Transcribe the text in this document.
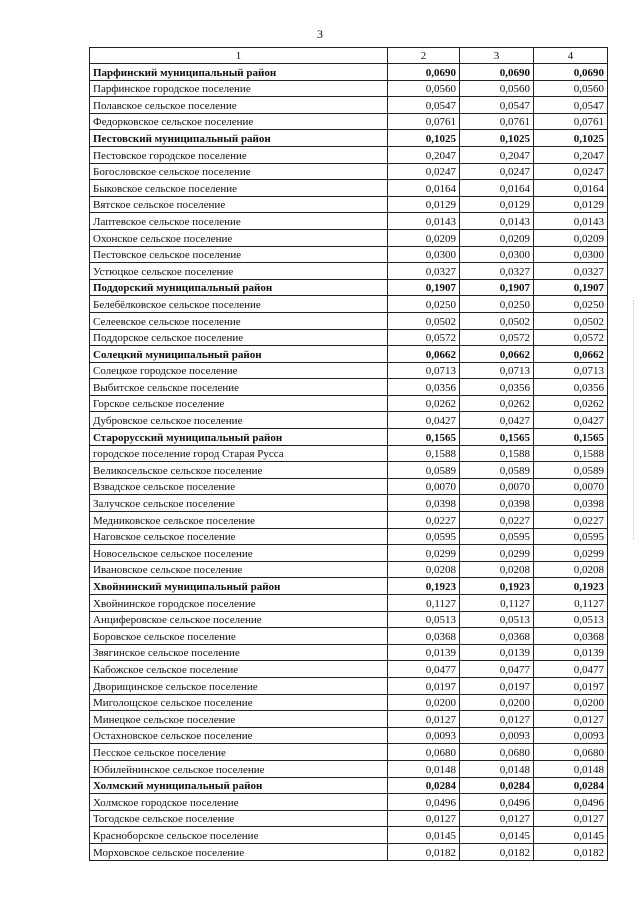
3
1	2	3	4
Парфинский муниципальный район	0,0690	0,0690	0,0690
Парфинское городское поселение	0,0560	0,0560	0,0560
Полавское сельское поселение	0,0547	0,0547	0,0547
Федорковское сельское поселение	0,0761	0,0761	0,0761
Пестовский муниципальный район	0,1025	0,1025	0,1025
Пестовское городское поселение	0,2047	0,2047	0,2047
Богословское сельское поселение	0,0247	0,0247	0,0247
Быковское сельское поселение	0,0164	0,0164	0,0164
Вятское сельское поселение	0,0129	0,0129	0,0129
Лаптевское сельское поселение	0,0143	0,0143	0,0143
Охонское сельское поселение	0,0209	0,0209	0,0209
Пестовское сельское поселение	0,0300	0,0300	0,0300
Устюцкое сельское поселение	0,0327	0,0327	0,0327
Поддорский муниципальный район	0,1907	0,1907	0,1907
Белебёлковское сельское поселение	0,0250	0,0250	0,0250
Селеевское сельское поселение	0,0502	0,0502	0,0502
Поддорское сельское поселение	0,0572	0,0572	0,0572
Солецкий муниципальный район	0,0662	0,0662	0,0662
Солецкое городское поселение	0,0713	0,0713	0,0713
Выбитское сельское поселение	0,0356	0,0356	0,0356
Горское сельское поселение	0,0262	0,0262	0,0262
Дубровское сельское поселение	0,0427	0,0427	0,0427
Старорусский муниципальный район	0,1565	0,1565	0,1565
городское поселение город Старая Русса	0,1588	0,1588	0,1588
Великосельское сельское поселение	0,0589	0,0589	0,0589
Взвадское сельское поселение	0,0070	0,0070	0,0070
Залучское сельское поселение	0,0398	0,0398	0,0398
Медниковское сельское поселение	0,0227	0,0227	0,0227
Наговское сельское поселение	0,0595	0,0595	0,0595
Новосельское сельское поселение	0,0299	0,0299	0,0299
Ивановское сельское поселение	0,0208	0,0208	0,0208
Хвойнинский муниципальный район	0,1923	0,1923	0,1923
Хвойнинское городское поселение	0,1127	0,1127	0,1127
Анциферовское сельское поселение	0,0513	0,0513	0,0513
Боровское сельское поселение	0,0368	0,0368	0,0368
Звягинское сельское поселение	0,0139	0,0139	0,0139
Кабожское сельское поселение	0,0477	0,0477	0,0477
Дворищинское сельское поселение	0,0197	0,0197	0,0197
Миголощское сельское поселение	0,0200	0,0200	0,0200
Минецкое сельское поселение	0,0127	0,0127	0,0127
Остахновское сельское поселение	0,0093	0,0093	0,0093
Песское сельское поселение	0,0680	0,0680	0,0680
Юбилейнинское сельское поселение	0,0148	0,0148	0,0148
Холмский муниципальный район	0,0284	0,0284	0,0284
Холмское городское поселение	0,0496	0,0496	0,0496
Тогодское сельское поселение	0,0127	0,0127	0,0127
Красноборское сельское поселение	0,0145	0,0145	0,0145
Морховское сельское поселение	0,0182	0,0182	0,0182
